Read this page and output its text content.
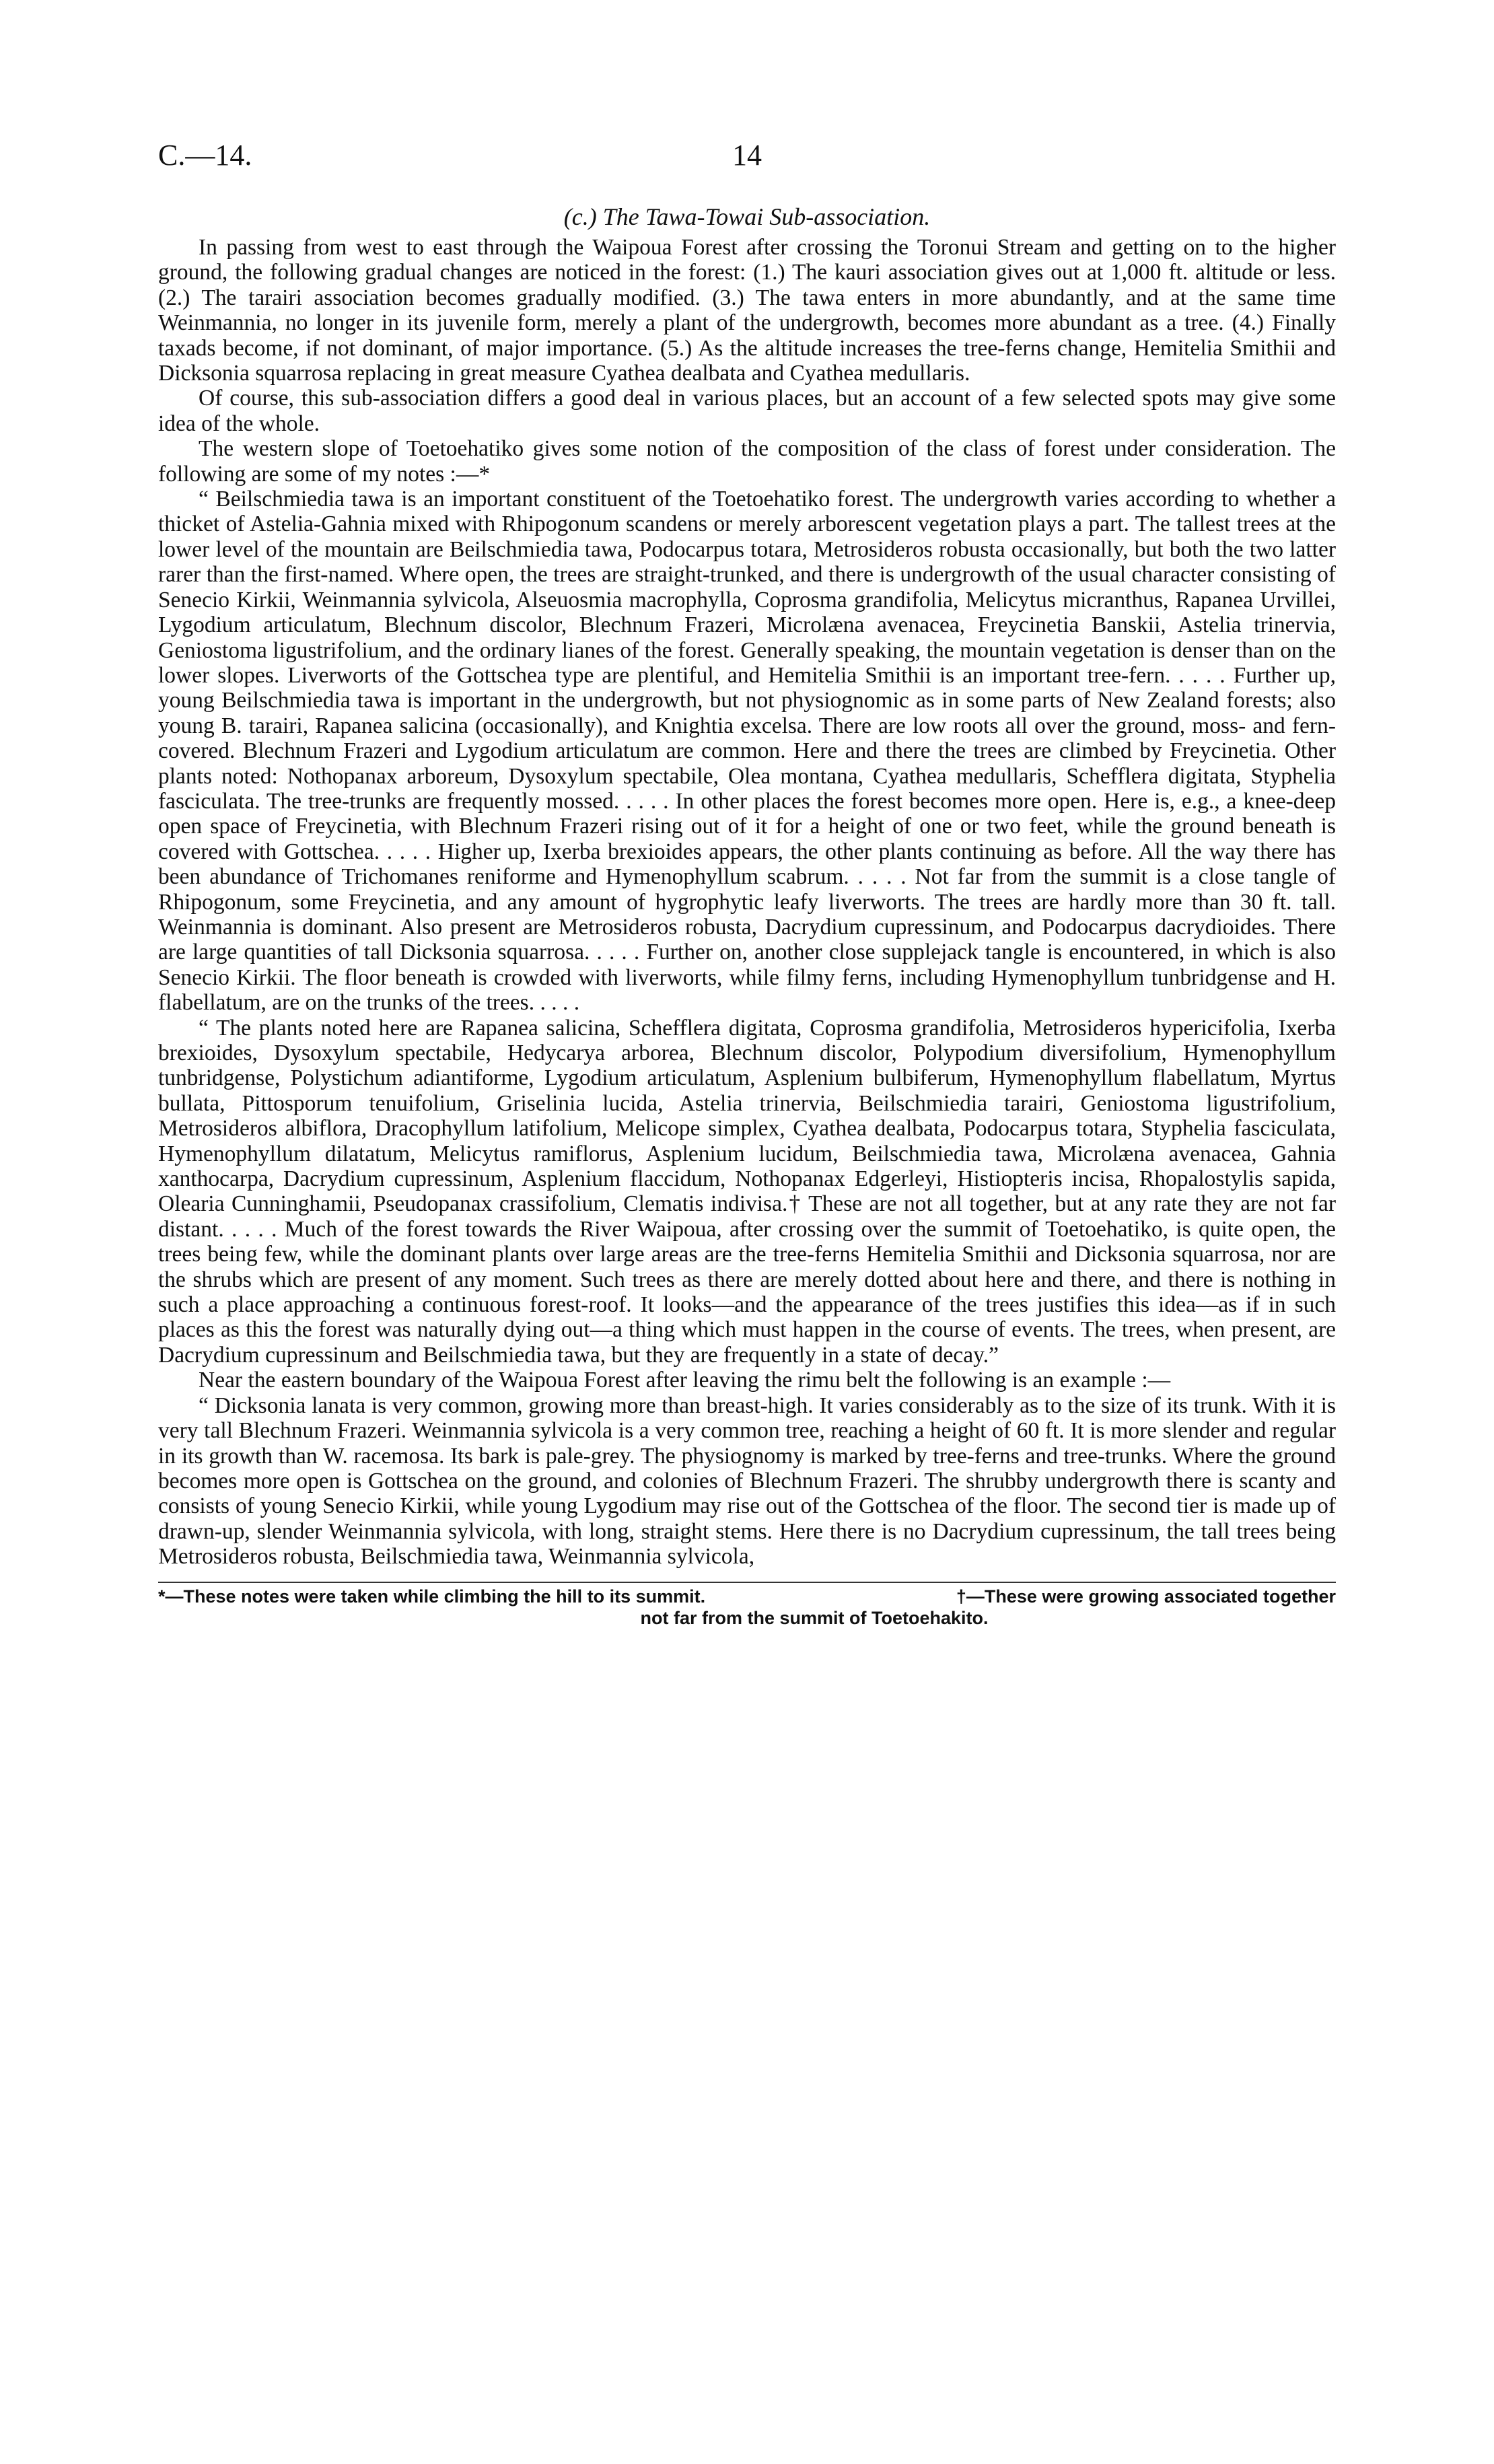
C.—14.	14
(c.) The Tawa-Towai Sub-association.

In passing from west to east through the Waipoua Forest after crossing the Toronui Stream and getting on to the higher ground, the following gradual changes are noticed in the forest: (1.) The kauri association gives out at 1,000 ft. altitude or less. (2.) The tarairi association becomes gradually modified. (3.) The tawa enters in more abundantly, and at the same time Weinmannia, no longer in its juvenile form, merely a plant of the undergrowth, becomes more abundant as a tree. (4.) Finally taxads become, if not dominant, of major importance. (5.) As the altitude increases the tree-ferns change, Hemitelia Smithii and Dicksonia squarrosa replacing in great measure Cyathea dealbata and Cyathea medullaris.

Of course, this sub-association differs a good deal in various places, but an account of a few selected spots may give some idea of the whole.

The western slope of Toetoehatiko gives some notion of the composition of the class of forest under consideration. The following are some of my notes :—*

“ Beilschmiedia tawa is an important constituent of the Toetoehatiko forest. The undergrowth varies according to whether a thicket of Astelia-Gahnia mixed with Rhipogonum scandens or merely arborescent vegetation plays a part. The tallest trees at the lower level of the mountain are Beilschmiedia tawa, Podocarpus totara, Metrosideros robusta occasionally, but both the two latter rarer than the first-named. Where open, the trees are straight-trunked, and there is undergrowth of the usual character consisting of Senecio Kirkii, Weinmannia sylvicola, Alseuosmia macrophylla, Coprosma grandifolia, Melicytus micranthus, Rapanea Urvillei, Lygodium articulatum, Blechnum discolor, Blechnum Frazeri, Microlæna avenacea, Freycinetia Banskii, Astelia trinervia, Geniostoma ligustrifolium, and the ordinary lianes of the forest. Generally speaking, the mountain vegetation is denser than on the lower slopes. Liverworts of the Gottschea type are plentiful, and Hemitelia Smithii is an important tree-fern. . . . . Further up, young Beilschmiedia tawa is important in the undergrowth, but not physiognomic as in some parts of New Zealand forests; also young B. tarairi, Rapanea salicina (occasionally), and Knightia excelsa. There are low roots all over the ground, moss- and fern-covered. Blechnum Frazeri and Lygodium articulatum are common. Here and there the trees are climbed by Freycinetia. Other plants noted: Nothopanax arboreum, Dysoxylum spectabile, Olea montana, Cyathea medullaris, Schefflera digitata, Styphelia fasciculata. The tree-trunks are frequently mossed. . . . . In other places the forest becomes more open. Here is, e.g., a knee-deep open space of Freycinetia, with Blechnum Frazeri rising out of it for a height of one or two feet, while the ground beneath is covered with Gottschea. . . . . Higher up, Ixerba brexioides appears, the other plants continuing as before. All the way there has been abundance of Trichomanes reniforme and Hymenophyllum scabrum. . . . . Not far from the summit is a close tangle of Rhipogonum, some Freycinetia, and any amount of hygrophytic leafy liverworts. The trees are hardly more than 30 ft. tall. Weinmannia is dominant. Also present are Metrosideros robusta, Dacrydium cupressinum, and Podocarpus dacrydioides. There are large quantities of tall Dicksonia squarrosa. . . . . Further on, another close supplejack tangle is encountered, in which is also Senecio Kirkii. The floor beneath is crowded with liverworts, while filmy ferns, including Hymenophyllum tunbridgense and H. flabellatum, are on the trunks of the trees. . . . .

“ The plants noted here are Rapanea salicina, Schefflera digitata, Coprosma grandifolia, Metrosideros hypericifolia, Ixerba brexioides, Dysoxylum spectabile, Hedycarya arborea, Blechnum discolor, Polypodium diversifolium, Hymenophyllum tunbridgense, Polystichum adiantiforme, Lygodium articulatum, Asplenium bulbiferum, Hymenophyllum flabellatum, Myrtus bullata, Pittosporum tenuifolium, Griselinia lucida, Astelia trinervia, Beilschmiedia tarairi, Geniostoma ligustrifolium, Metrosideros albiflora, Dracophyllum latifolium, Melicope simplex, Cyathea dealbata, Podocarpus totara, Styphelia fasciculata, Hymenophyllum dilatatum, Melicytus ramiflorus, Asplenium lucidum, Beilschmiedia tawa, Microlæna avenacea, Gahnia xanthocarpa, Dacrydium cupressinum, Asplenium flaccidum, Nothopanax Edgerleyi, Histiopteris incisa, Rhopalostylis sapida, Olearia Cunninghamii, Pseudopanax crassifolium, Clematis indivisa.† These are not all together, but at any rate they are not far distant. . . . . Much of the forest towards the River Waipoua, after crossing over the summit of Toetoehatiko, is quite open, the trees being few, while the dominant plants over large areas are the tree-ferns Hemitelia Smithii and Dicksonia squarrosa, nor are the shrubs which are present of any moment. Such trees as there are merely dotted about here and there, and there is nothing in such a place approaching a continuous forest-roof. It looks—and the appearance of the trees justifies this idea—as if in such places as this the forest was naturally dying out—a thing which must happen in the course of events. The trees, when present, are Dacrydium cupressinum and Beilschmiedia tawa, but they are frequently in a state of decay.”

Near the eastern boundary of the Waipoua Forest after leaving the rimu belt the following is an example :—

“ Dicksonia lanata is very common, growing more than breast-high. It varies considerably as to the size of its trunk. With it is very tall Blechnum Frazeri. Weinmannia sylvicola is a very common tree, reaching a height of 60 ft. It is more slender and regular in its growth than W. racemosa. Its bark is pale-grey. The physiognomy is marked by tree-ferns and tree-trunks. Where the ground becomes more open is Gottschea on the ground, and colonies of Blechnum Frazeri. The shrubby undergrowth there is scanty and consists of young Senecio Kirkii, while young Lygodium may rise out of the Gottschea of the floor. The second tier is made up of drawn-up, slender Weinmannia sylvicola, with long, straight stems. Here there is no Dacrydium cupressinum, the tall trees being Metrosideros robusta, Beilschmiedia tawa, Weinmannia sylvicola,

*—These notes were taken while climbing the hill to its summit.	†—These were growing associated together
not far from the summit of Toetoehakito.
